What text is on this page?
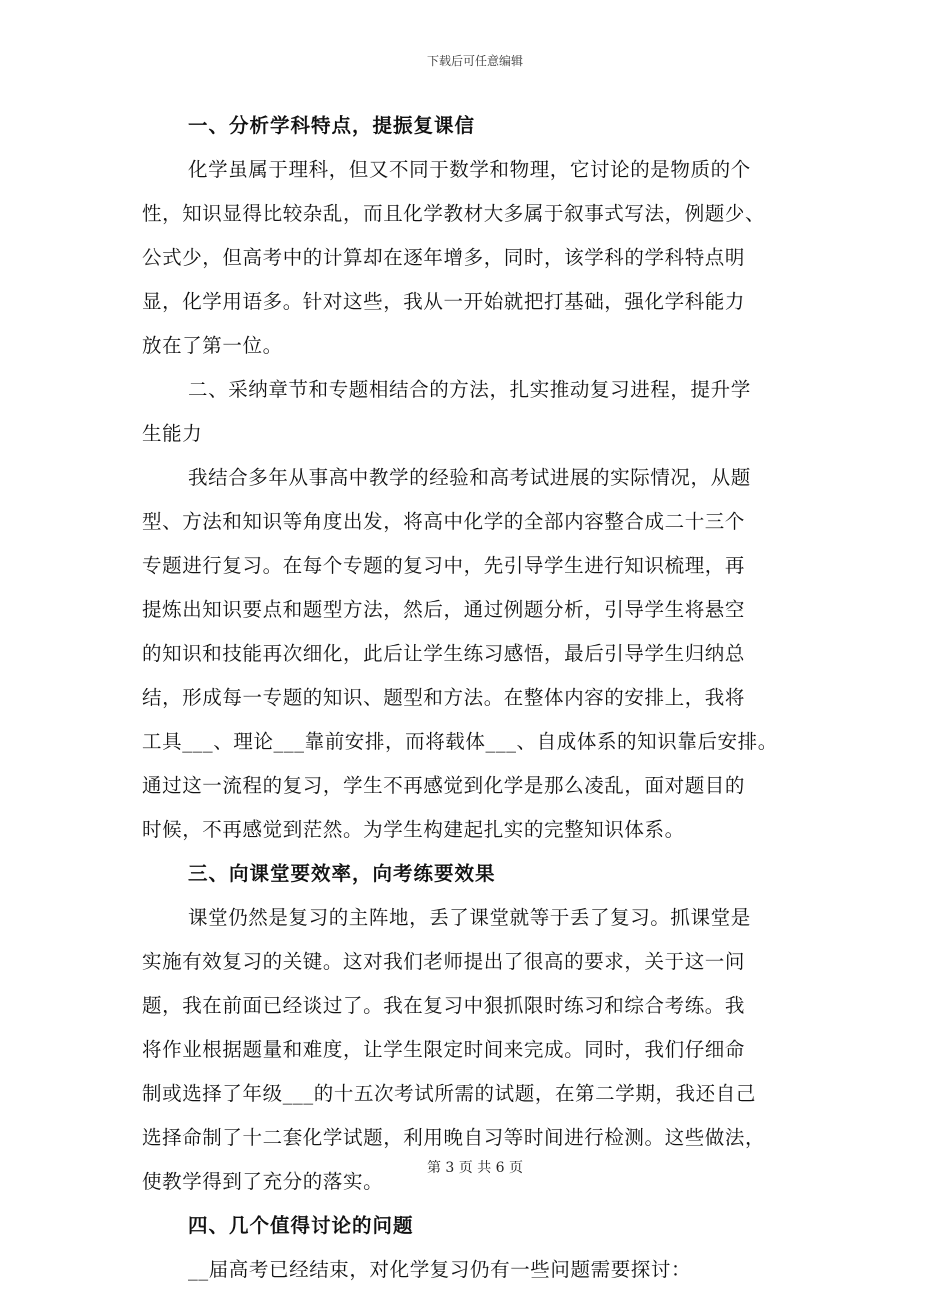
下载后可任意编辑
一、分析学科特点，提振复课信
化学虽属于理科，但又不同于数学和物理，它讨论的是物质的个
性，知识显得比较杂乱，而且化学教材大多属于叙事式写法，例题少、
公式少，但高考中的计算却在逐年增多，同时，该学科的学科特点明
显，化学用语多。针对这些，我从一开始就把打基础，强化学科能力
放在了第一位。
二、采纳章节和专题相结合的方法，扎实推动复习进程，提升学
生能力
我结合多年从事高中教学的经验和高考试进展的实际情况，从题
型、方法和知识等角度出发，将高中化学的全部内容整合成二十三个
专题进行复习。在每个专题的复习中，先引导学生进行知识梳理，再
提炼出知识要点和题型方法，然后，通过例题分析，引导学生将悬空
的知识和技能再次细化，此后让学生练习感悟，最后引导学生归纳总
结，形成每一专题的知识、题型和方法。在整体内容的安排上，我将
工具___、理论___靠前安排，而将载体___、自成体系的知识靠后安排。
通过这一流程的复习，学生不再感觉到化学是那么凌乱，面对题目的
时候，不再感觉到茫然。为学生构建起扎实的完整知识体系。
三、向课堂要效率，向考练要效果
课堂仍然是复习的主阵地，丢了课堂就等于丢了复习。抓课堂是
实施有效复习的关键。这对我们老师提出了很高的要求，关于这一问
题，我在前面已经谈过了。我在复习中狠抓限时练习和综合考练。我
将作业根据题量和难度，让学生限定时间来完成。同时，我们仔细命
制或选择了年级___的十五次考试所需的试题，在第二学期，我还自己
选择命制了十二套化学试题，利用晚自习等时间进行检测。这些做法，
使教学得到了充分的落实。
四、几个值得讨论的问题
__届高考已经结束，对化学复习仍有一些问题需要探讨：
第 3 页 共 6 页
